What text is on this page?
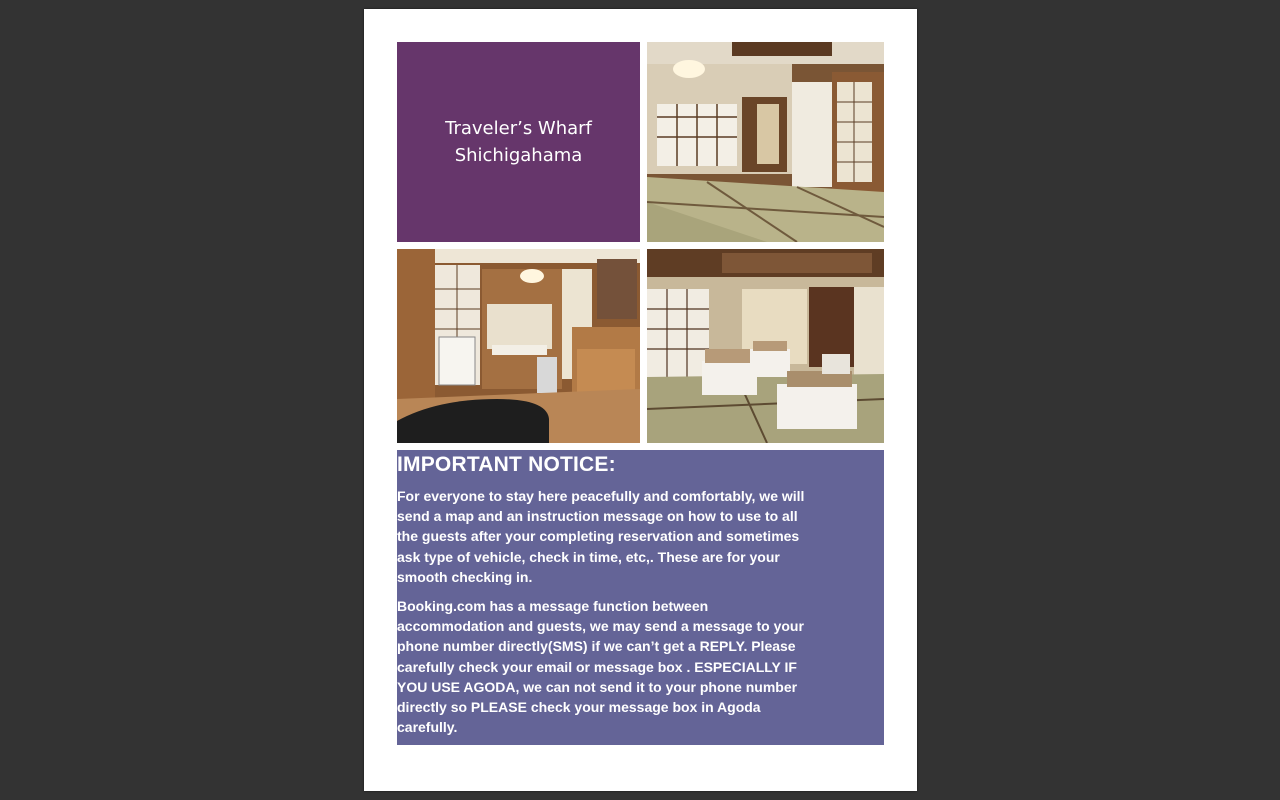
Traveler’s Wharf
Shichigahama
IMPORTANT NOTICE:

For everyone to stay here peacefully and comfortably, we will send a map and an instruction message on how to use to all the guests after your completing reservation and sometimes ask type of vehicle, check in time, etc,. These are for your smooth checking in.

Booking.com has a message function between accommodation and guests, we may send a message to your phone number directly(SMS) if we can’t get a REPLY. Please carefully check your email or message box . ESPECIALLY IF YOU USE AGODA, we can not send it to your phone number directly so PLEASE check your message box in Agoda carefully.
